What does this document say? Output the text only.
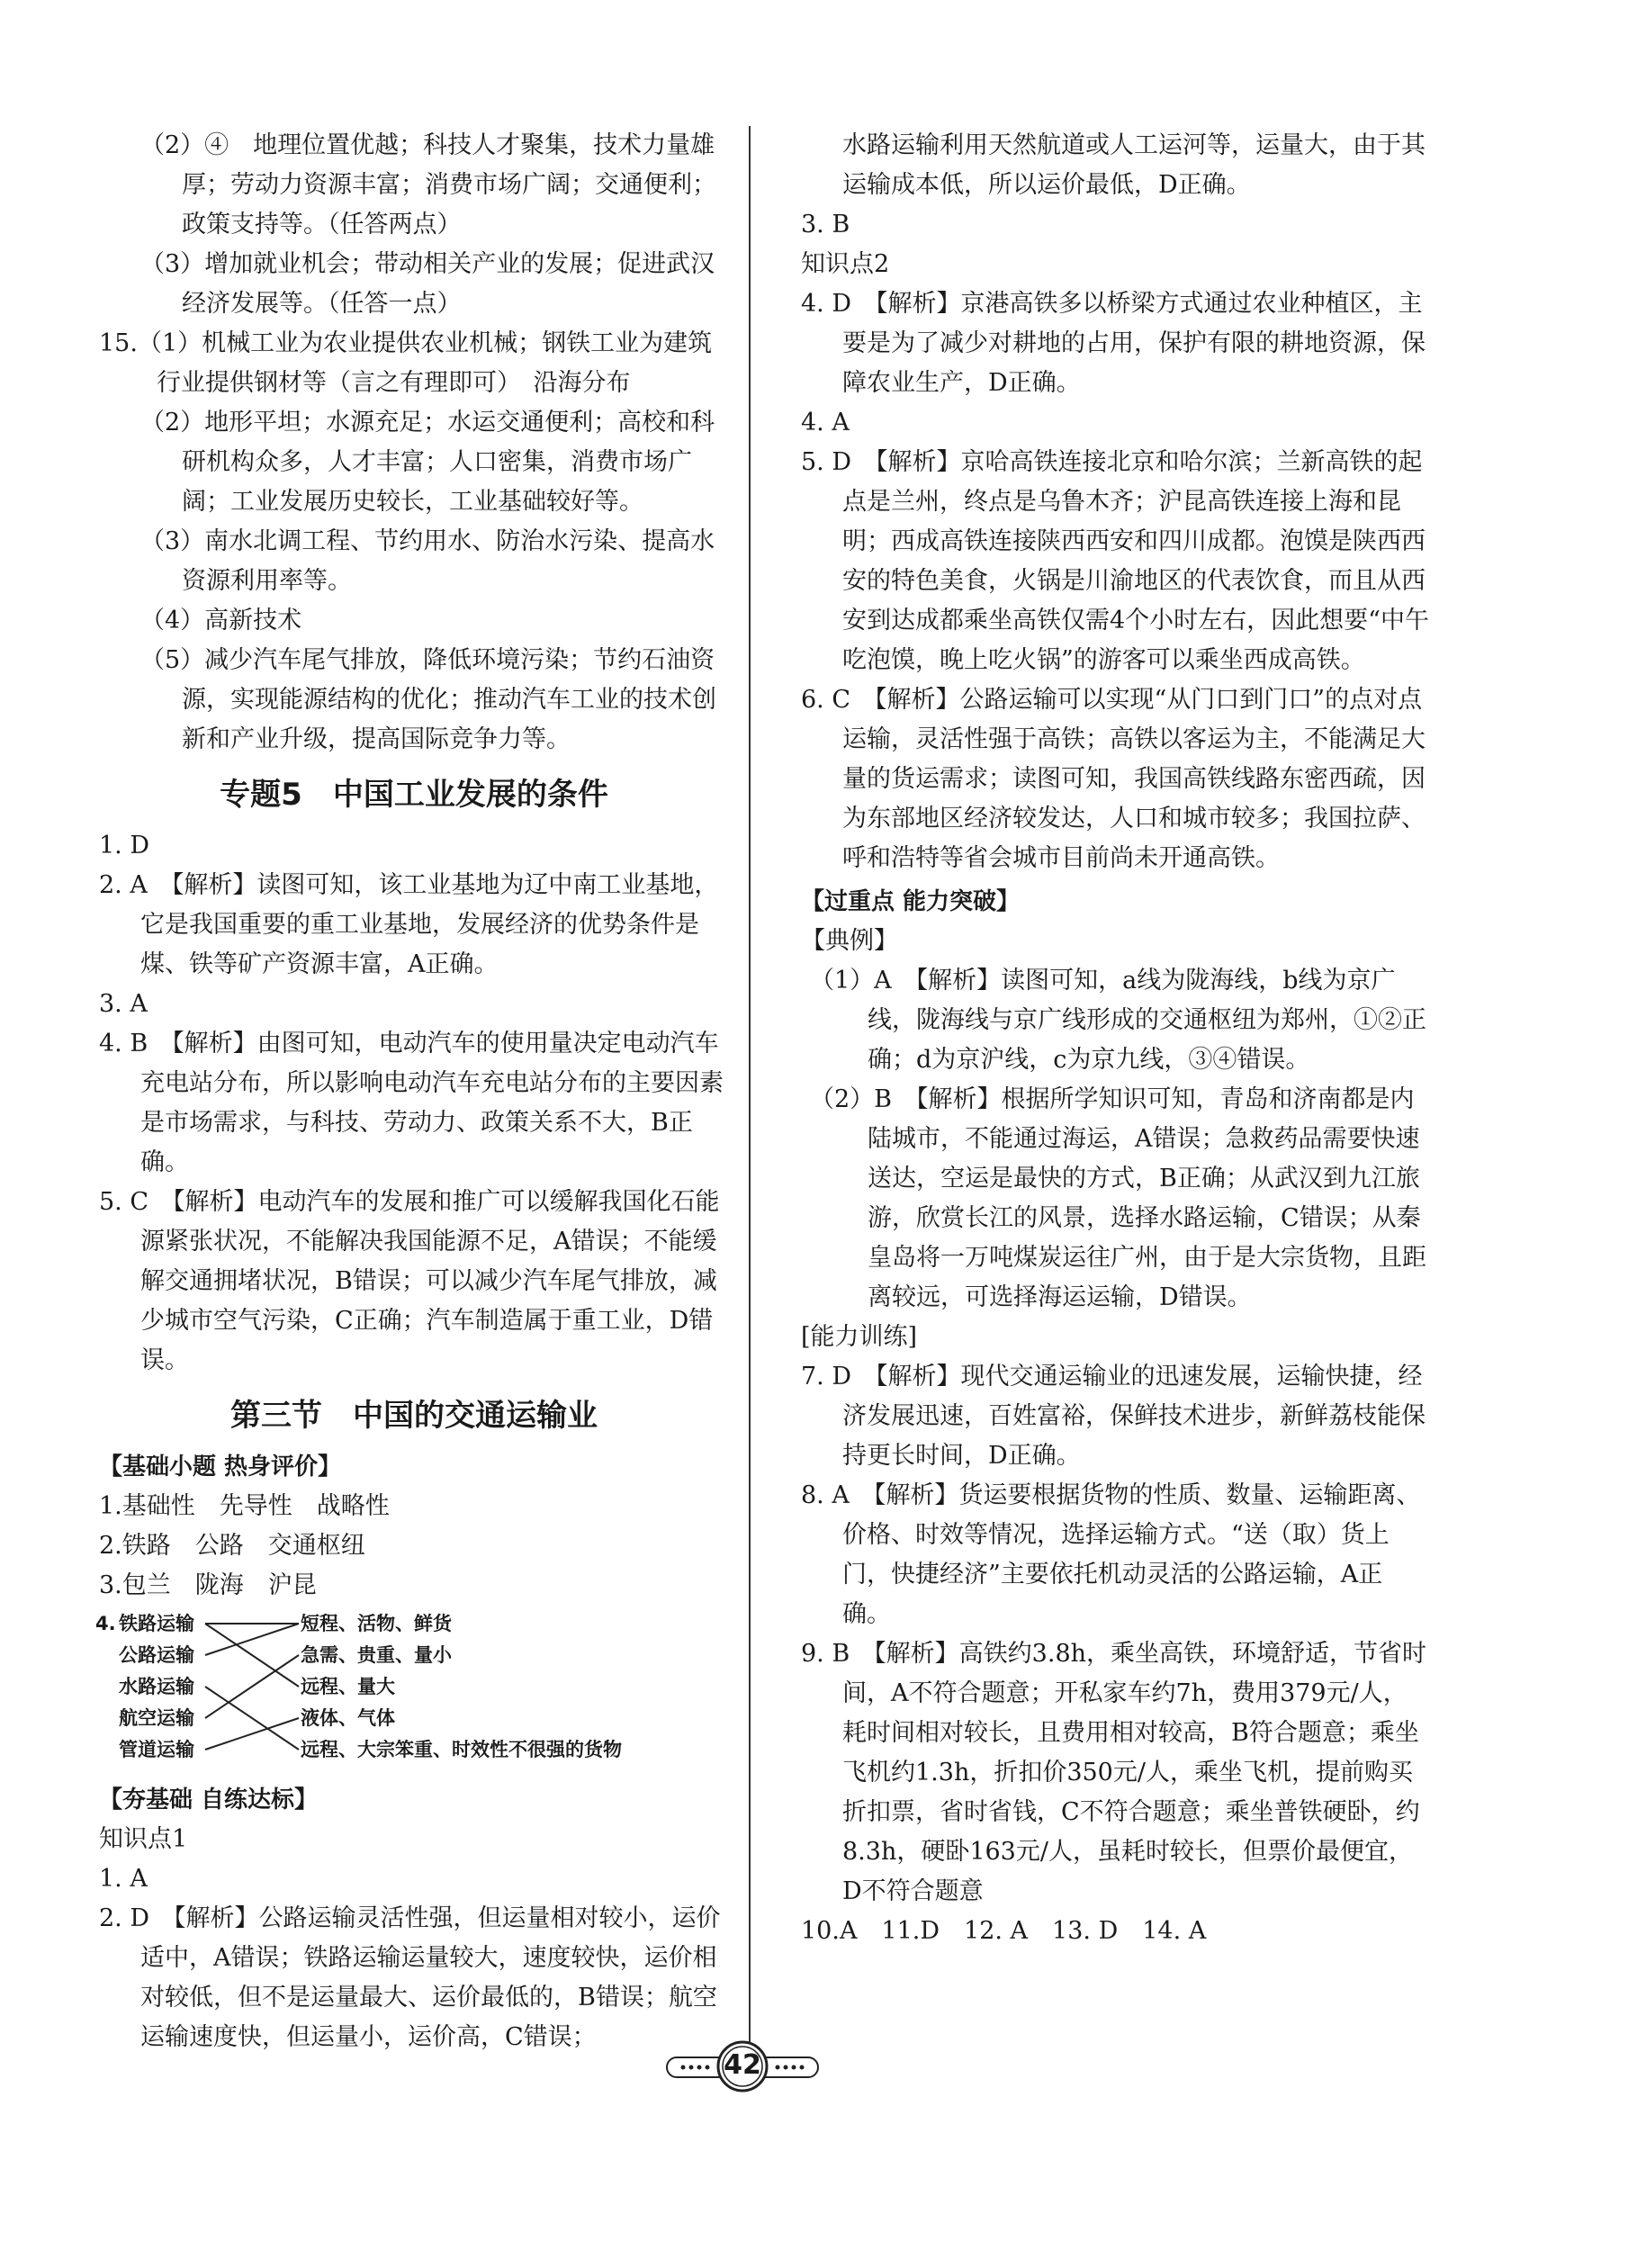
（2）④　地理位置优越；科技人才聚集，技术力量雄厚；劳动力资源丰富；消费市场广阔；交通便利；政策支持等。（任答两点）

（3）增加就业机会；带动相关产业的发展；促进武汉经济发展等。（任答一点）

15.（1）机械工业为农业提供农业机械；钢铁工业为建筑行业提供钢材等（言之有理即可）　沿海分布

（2）地形平坦；水源充足；水运交通便利；高校和科研机构众多，人才丰富；人口密集，消费市场广阔；工业发展历史较长，工业基础较好等。

（3）南水北调工程、节约用水、防治水污染、提高水资源利用率等。

（4）高新技术

（5）减少汽车尾气排放，降低环境污染；节约石油资源，实现能源结构的优化；推动汽车工业的技术创新和产业升级，提高国际竞争力等。

专题5　中国工业发展的条件

1. D

2. A　【解析】读图可知，该工业基地为辽中南工业基地，它是我国重要的重工业基地，发展经济的优势条件是煤、铁等矿产资源丰富，A正确。

3. A

4. B　【解析】由图可知，电动汽车的使用量决定电动汽车充电站分布，所以影响电动汽车充电站分布的主要因素是市场需求，与科技、劳动力、政策关系不大，B正确。

5. C　【解析】电动汽车的发展和推广可以缓解我国化石能源紧张状况，不能解决我国能源不足，A错误；不能缓解交通拥堵状况，B错误；可以减少汽车尾气排放，减少城市空气污染，C正确；汽车制造属于重工业，D错误。

第三节　中国的交通运输业
【基础小题 热身评价】

1.基础性　先导性　战略性

2.铁路　公路　交通枢纽

3.包兰　陇海　沪昆

4. 铁路运输
公路运输
水路运输
航空运输
管道运输
短程、活物、鲜货
急需、贵重、量小
远程、量大
液体、气体
远程、大宗笨重、时效性不很强的货物
【夯基础 自练达标】

知识点1

1. A

2. D　【解析】公路运输灵活性强，但运量相对较小，运价适中，A错误；铁路运输运量较大，速度较快，运价相对较低，但不是运量最大、运价最低的，B错误；航空运输速度快，但运量小，运价高，C错误；

水路运输利用天然航道或人工运河等，运量大，由于其运输成本低，所以运价最低，D正确。

3. B

知识点2

4. D　【解析】京港高铁多以桥梁方式通过农业种植区，主要是为了减少对耕地的占用，保护有限的耕地资源，保障农业生产，D正确。

4. A

5. D　【解析】京哈高铁连接北京和哈尔滨；兰新高铁的起点是兰州，终点是乌鲁木齐；沪昆高铁连接上海和昆明；西成高铁连接陕西西安和四川成都。泡馍是陕西西安的特色美食，火锅是川渝地区的代表饮食，而且从西安到达成都乘坐高铁仅需4个小时左右，因此想要“中午吃泡馍，晚上吃火锅”的游客可以乘坐西成高铁。

6. C　【解析】公路运输可以实现“从门口到门口”的点对点运输，灵活性强于高铁；高铁以客运为主，不能满足大量的货运需求；读图可知，我国高铁线路东密西疏，因为东部地区经济较发达，人口和城市较多；我国拉萨、呼和浩特等省会城市目前尚未开通高铁。

【过重点 能力突破】

【典例】

（1）A　【解析】读图可知，a线为陇海线，b线为京广线，陇海线与京广线形成的交通枢纽为郑州，①②正确；d为京沪线，c为京九线，③④错误。

（2）B　【解析】根据所学知识可知，青岛和济南都是内陆城市，不能通过海运，A错误；急救药品需要快速送达，空运是最快的方式，B正确；从武汉到九江旅游，欣赏长江的风景，选择水路运输，C错误；从秦皇岛将一万吨煤炭运往广州，由于是大宗货物，且距离较远，可选择海运运输，D错误。

[能力训练]

7. D　【解析】现代交通运输业的迅速发展，运输快捷，经济发展迅速，百姓富裕，保鲜技术进步，新鲜荔枝能保持更长时间，D正确。

8. A　【解析】货运要根据货物的性质、数量、运输距离、价格、时效等情况，选择运输方式。“送（取）货上门，快捷经济”主要依托机动灵活的公路运输，A正确。

9. B　【解析】高铁约3.8h，乘坐高铁，环境舒适，节省时间，A不符合题意；开私家车约7h，费用379元/人，耗时间相对较长，且费用相对较高，B符合题意；乘坐飞机约1.3h，折扣价350元/人，乘坐飞机，提前购买折扣票，省时省钱，C不符合题意；乘坐普铁硬卧，约8.3h，硬卧163元/人，虽耗时较长，但票价最便宜，D不符合题意

10.A　11.D　12. A　13. D　14. A

42
